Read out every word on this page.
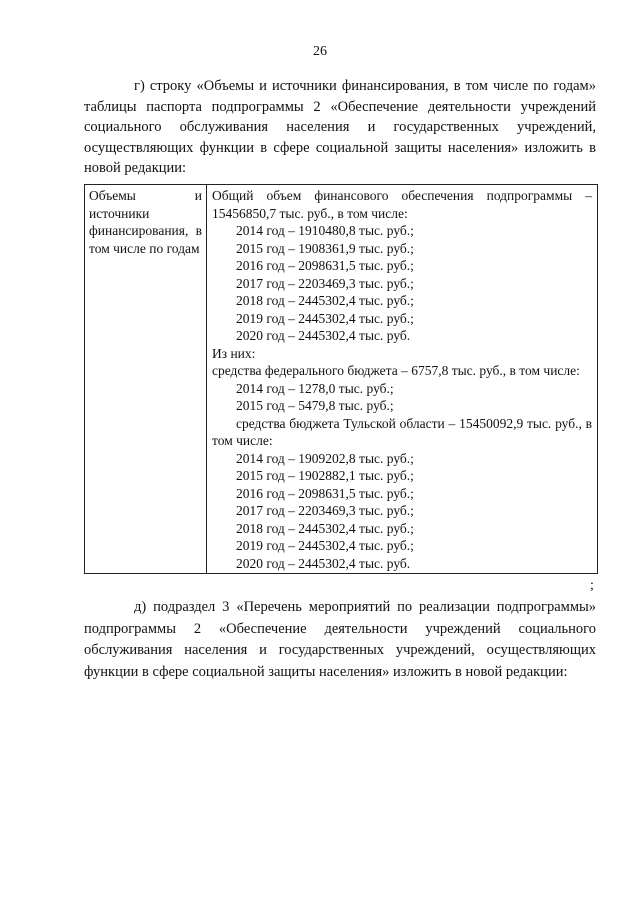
26
г) строку «Объемы и источники финансирования, в том числе по годам» таблицы паспорта подпрограммы 2 «Обеспечение деятельности учреждений социального обслуживания населения и государственных учреждений, осуществляющих функции в сфере социальной защиты населения» изложить в новой редакции:
Объемы и источники финансирования, в том числе по годам
Общий объем финансового обеспечения подпрограммы – 15456850,7 тыс. руб., в том числе:
2014 год – 1910480,8 тыс. руб.;
2015 год – 1908361,9 тыс. руб.;
2016 год – 2098631,5 тыс. руб.;
2017 год – 2203469,3 тыс. руб.;
2018 год – 2445302,4 тыс. руб.;
2019 год – 2445302,4 тыс. руб.;
2020 год – 2445302,4 тыс. руб.
Из них:
средства федерального бюджета – 6757,8 тыс. руб., в том числе:
2014 год – 1278,0 тыс. руб.;
2015 год – 5479,8 тыс. руб.;
средства бюджета Тульской области – 15450092,9 тыс. руб., в том числе:
2014 год – 1909202,8 тыс. руб.;
2015 год – 1902882,1 тыс. руб.;
2016 год – 2098631,5 тыс. руб.;
2017 год – 2203469,3 тыс. руб.;
2018 год – 2445302,4 тыс. руб.;
2019 год – 2445302,4 тыс. руб.;
2020 год – 2445302,4 тыс. руб.
;
д) подраздел 3 «Перечень мероприятий по реализации подпрограммы» подпрограммы 2 «Обеспечение деятельности учреждений социального обслуживания населения и государственных учреждений, осуществляющих функции в сфере социальной защиты населения» изложить в новой редакции:
